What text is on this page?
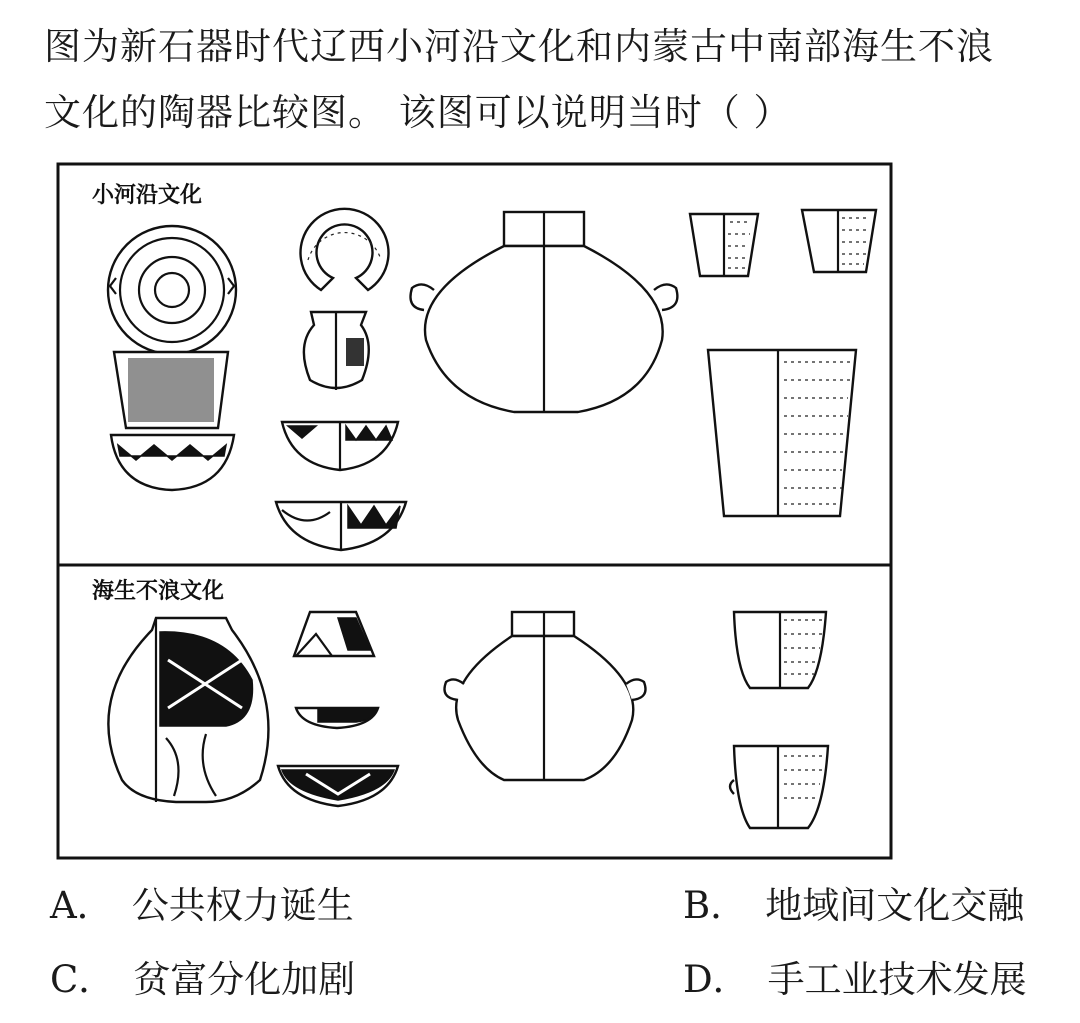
图为新石器时代辽西小河沿文化和内蒙古中南部海生不浪

文化的陶器比较图。 该图可以说明当时（ ）

小河沿文化
海生不浪文化
A． 公共权力诞生	B． 地域间文化交融
C． 贫富分化加剧	D． 手工业技术发展
